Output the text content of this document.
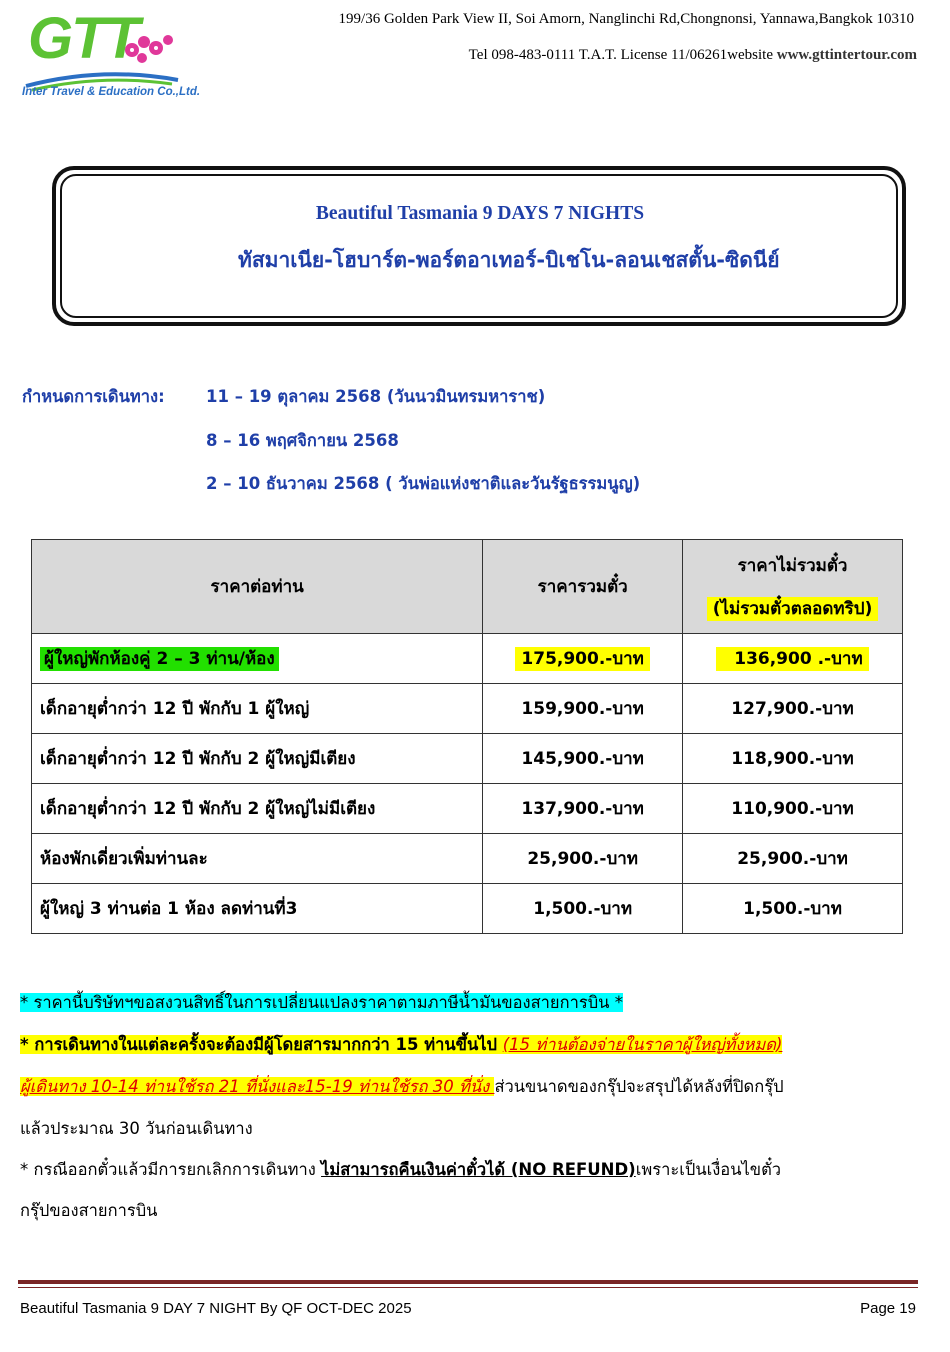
GTT
Inter Travel & Education Co.,Ltd.
199/36 Golden Park View II, Soi Amorn, Nanglinchi Rd,Chongnonsi, Yannawa,Bangkok 10310
Tel 098-483-0111 T.A.T. License 11/06261website www.gttintertour.com
Beautiful Tasmania 9 DAYS 7 NIGHTS
ทัสมาเนีย-โฮบาร์ต-พอร์ตอาเทอร์-บิเชโน-ลอนเชสตั้น-ซิดนีย์
กำหนดการเดินทาง:	11 – 19 ตุลาคม 2568 (วันนวมินทรมหาราช)
8 – 16 พฤศจิกายน 2568
2 – 10 ธันวาคม 2568 ( วันพ่อแห่งชาติและวันรัฐธรรมนูญ)
ราคาต่อท่าน	ราคารวมตั๋ว	ราคาไม่รวมตั๋ว
(ไม่รวมตั๋วตลอดทริป)

ผู้ใหญ่พักห้องคู่ 2 – 3 ท่าน/ห้อง	175,900.-บาท	136,900 .-บาท
เด็กอายุต่ำกว่า 12 ปี พักกับ 1 ผู้ใหญ่	159,900.-บาท	127,900.-บาท
เด็กอายุต่ำกว่า 12 ปี พักกับ 2 ผู้ใหญ่มีเตียง	145,900.-บาท	118,900.-บาท
เด็กอายุต่ำกว่า 12 ปี พักกับ 2 ผู้ใหญ่ไม่มีเตียง	137,900.-บาท	110,900.-บาท
ห้องพักเดี่ยวเพิ่มท่านละ	25,900.-บาท	25,900.-บาท
ผู้ใหญ่ 3 ท่านต่อ 1 ห้อง ลดท่านที่3	1,500.-บาท	1,500.-บาท
* ราคานี้บริษัทฯขอสงวนสิทธิ์ในการเปลี่ยนแปลงราคาตามภาษีน้ำมันของสายการบิน *
* การเดินทางในแต่ละครั้งจะต้องมีผู้โดยสารมากกว่า 15 ท่านขึ้นไป (15 ท่านต้องจ่ายในราคาผู้ใหญ่ทั้งหมด)
ผู้เดินทาง 10-14 ท่านใช้รถ 21 ที่นั่งและ15-19 ท่านใช้รถ 30 ที่นั่ง ส่วนขนาดของกรุ๊ปจะสรุปได้หลังที่ปิดกรุ๊ป
แล้วประมาณ 30 วันก่อนเดินทาง
* กรณีออกตั๋วแล้วมีการยกเลิกการเดินทาง ไม่สามารถคืนเงินค่าตั๋วได้ (NO REFUND)เพราะเป็นเงื่อนไขตั๋ว
กรุ๊ปของสายการบิน
Beautiful Tasmania 9 DAY 7 NIGHT By QF OCT-DEC 2025	Page 19
